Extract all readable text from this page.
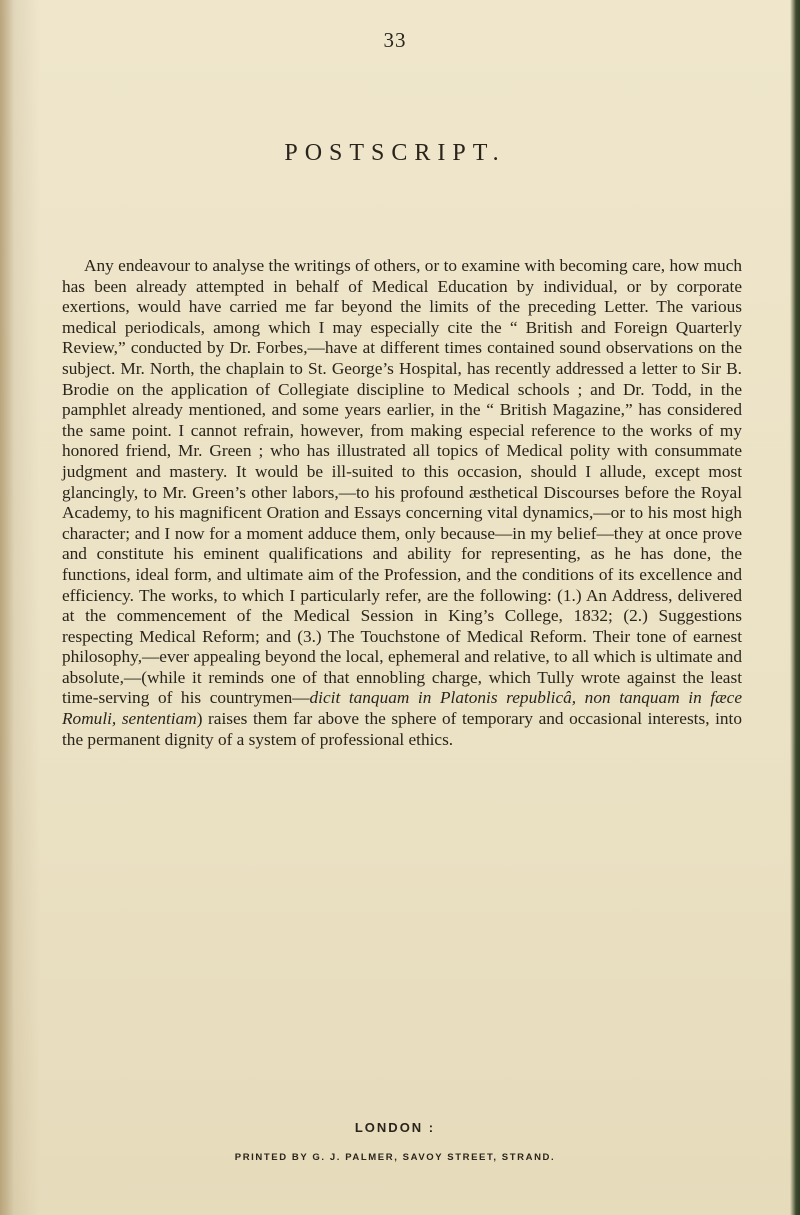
33
POSTSCRIPT.

Any endeavour to analyse the writings of others, or to examine with becoming care, how much has been already attempted in behalf of Medical Education by individual, or by corporate exertions, would have carried me far beyond the limits of the preceding Letter. The various medical periodicals, among which I may especially cite the “ British and Foreign Quarterly Review,” conducted by Dr. Forbes,—have at different times contained sound observations on the subject. Mr. North, the chaplain to St. George’s Hospital, has recently addressed a letter to Sir B. Brodie on the application of Collegiate discipline to Medical schools ; and Dr. Todd, in the pamphlet already mentioned, and some years earlier, in the “ British Magazine,” has considered the same point. I cannot refrain, however, from making especial reference to the works of my honored friend, Mr. Green ; who has illustrated all topics of Medical polity with consummate judgment and mastery. It would be ill-suited to this occasion, should I allude, except most glancingly, to Mr. Green’s other labors,—to his profound æsthetical Discourses before the Royal Academy, to his magnificent Oration and Essays concerning vital dynamics,—or to his most high character; and I now for a moment adduce them, only because—in my belief—they at once prove and constitute his eminent qualifications and ability for representing, as he has done, the functions, ideal form, and ultimate aim of the Profession, and the conditions of its excellence and efficiency. The works, to which I particularly refer, are the following: (1.) An Address, delivered at the commencement of the Medical Session in King’s College, 1832; (2.) Suggestions respecting Medical Reform; and (3.) The Touchstone of Medical Reform. Their tone of earnest philosophy,—ever appealing beyond the local, ephemeral and relative, to all which is ultimate and absolute,—(while it reminds one of that ennobling charge, which Tully wrote against the least time-serving of his countrymen—dicit tanquam in Platonis republicâ, non tanquam in fæce Romuli, sententiam) raises them far above the sphere of temporary and occasional interests, into the permanent dignity of a system of professional ethics.

LONDON :
PRINTED BY G. J. PALMER, SAVOY STREET, STRAND.
